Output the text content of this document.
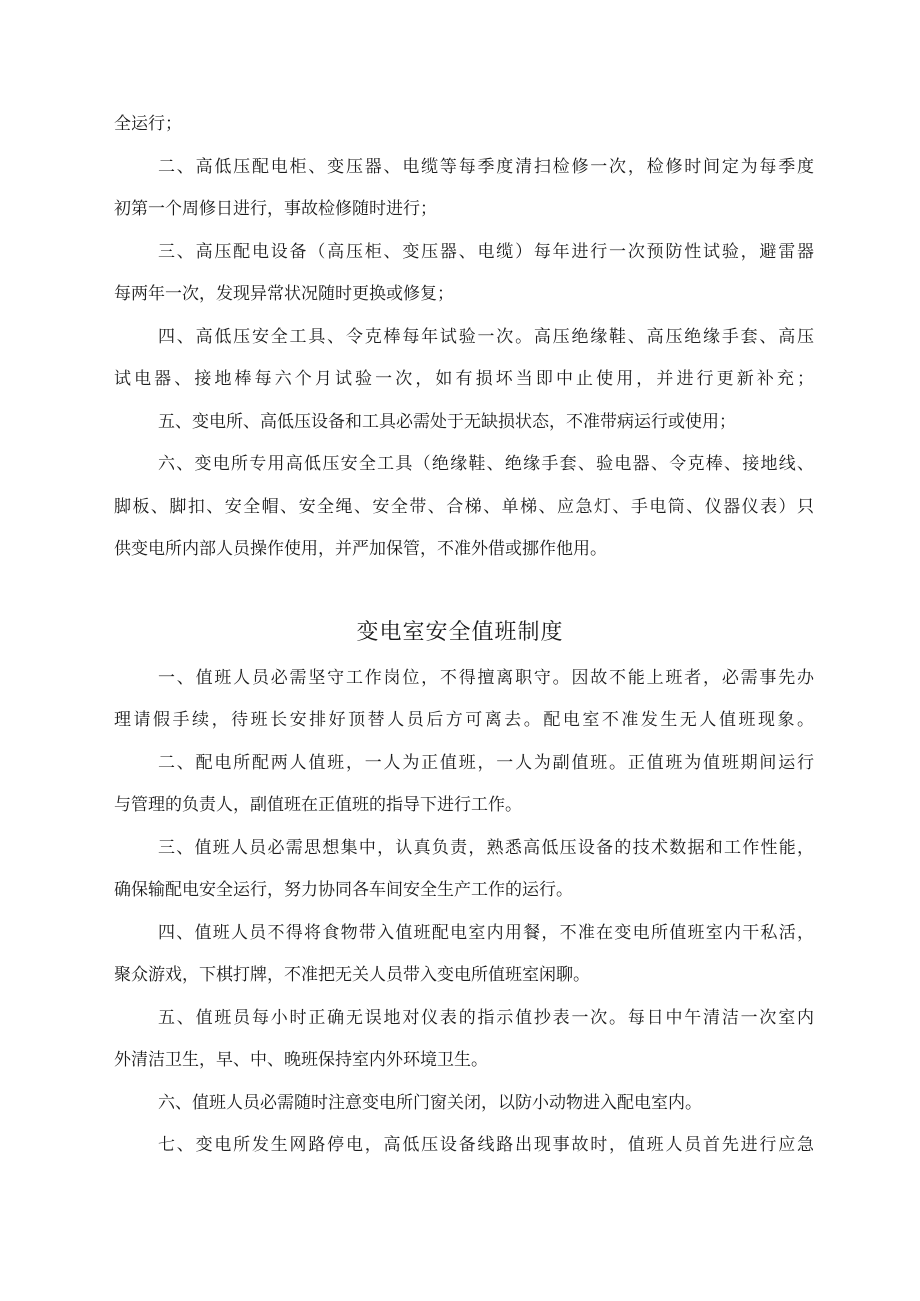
全运行；
二、高低压配电柜、变压器、电缆等每季度清扫检修一次，检修时间定为每季度
初第一个周修日进行，事故检修随时进行；
三、高压配电设备（高压柜、变压器、电缆）每年进行一次预防性试验，避雷器
每两年一次，发现异常状况随时更换或修复；
四、高低压安全工具、令克棒每年试验一次。高压绝缘鞋、高压绝缘手套、高压
试电器、接地棒每六个月试验一次，如有损坏当即中止使用，并进行更新补充；
五、变电所、高低压设备和工具必需处于无缺损状态，不准带病运行或使用；
六、变电所专用高低压安全工具（绝缘鞋、绝缘手套、验电器、令克棒、接地线、
脚板、脚扣、安全帽、安全绳、安全带、合梯、单梯、应急灯、手电筒、仪器仪表）只
供变电所内部人员操作使用，并严加保管，不准外借或挪作他用。
变电室安全值班制度
一、值班人员必需坚守工作岗位，不得擅离职守。因故不能上班者，必需事先办
理请假手续，待班长安排好顶替人员后方可离去。配电室不准发生无人值班现象。
二、配电所配两人值班，一人为正值班，一人为副值班。正值班为值班期间运行
与管理的负责人，副值班在正值班的指导下进行工作。
三、值班人员必需思想集中，认真负责，熟悉高低压设备的技术数据和工作性能，
确保输配电安全运行，努力协同各车间安全生产工作的运行。
四、值班人员不得将食物带入值班配电室内用餐，不准在变电所值班室内干私活，
聚众游戏，下棋打牌，不准把无关人员带入变电所值班室闲聊。
五、值班员每小时正确无误地对仪表的指示值抄表一次。每日中午清洁一次室内
外清洁卫生，早、中、晚班保持室内外环境卫生。
六、值班人员必需随时注意变电所门窗关闭，以防小动物进入配电室内。
七、变电所发生网路停电，高低压设备线路出现事故时，值班人员首先进行应急
